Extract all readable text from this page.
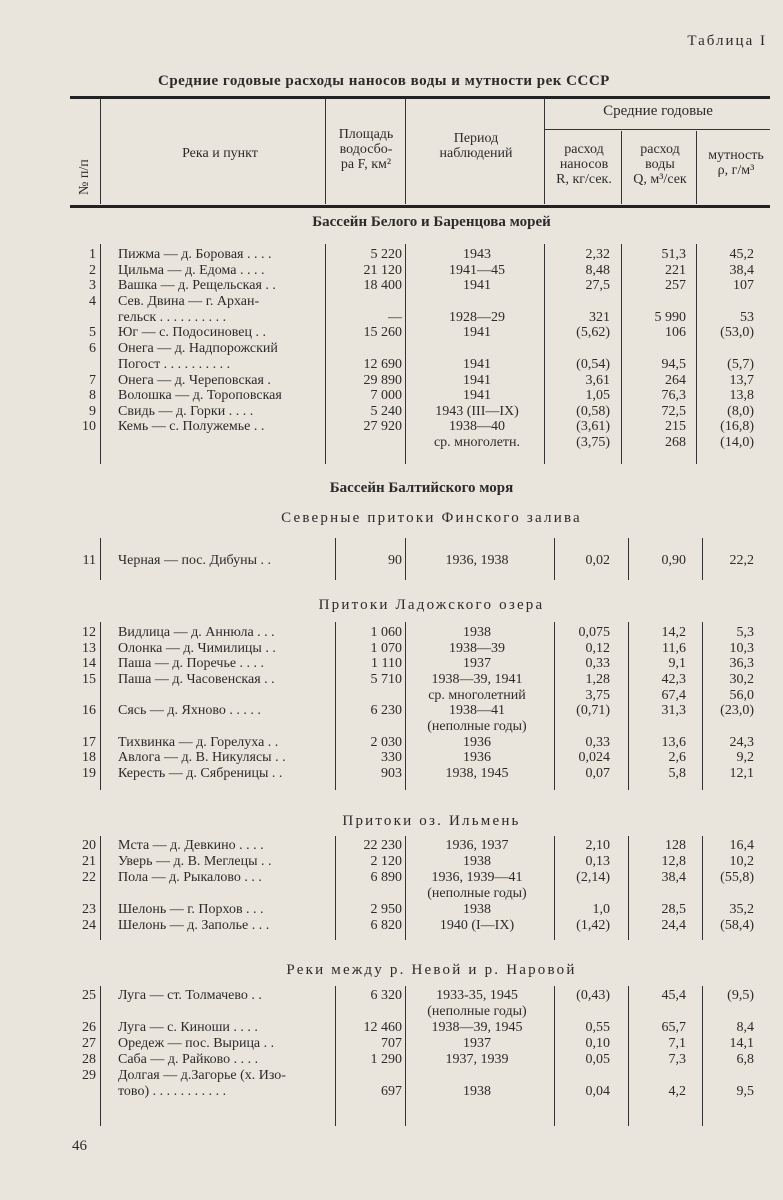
Таблица I
Средние годовые расходы наносов воды и мутности рек СССР
№ п/п
Река и пункт
Площадь
водосбо-
ра F, км²
Период
наблюдений
Средние годовые
расход
наносов
R, кг/сек.
расход
воды
Q, м³/сек
мутность
ρ, г/м³
Бассейн Белого и Баренцова морей
Бассейн Балтийского моря
Северные притоки Финского залива
Притоки Ладожского озера
Притоки оз. Ильмень
Реки между р. Невой и р. Наровой
1 Пижма — д. Боровая . . . .	5 220	1943	2,32	51,3	45,2
2 Цильма — д. Едома . . . .	21 120	1941—45	8,48	221	38,4
3 Вашка — д. Рещельская . .	18 400	1941	27,5	257	107
4 Сев. Двина — г. Архан-
гельск . . . . . . . . . .	—	1928—29	321	5 990	53
5 Юг — с. Подосиновец . .	15 260	1941	(5,62)	106	(53,0)
6 Онега — д. Надпорожский
Погост . . . . . . . . . .	12 690	1941	(0,54)	94,5	(5,7)
7 Онега — д. Череповская .	29 890	1941	3,61	264	13,7
8 Волошка — д. Тороповская	7 000	1941	1,05	76,3	13,8
9 Свидь — д. Горки . . . .	5 240	1943 (III—IX)	(0,58)	72,5	(8,0)
10 Кемь — с. Полужемье . .	27 920	1938—40	(3,61)	215	(16,8)
ср. многолетн.	(3,75)	268	(14,0)
11 Черная — пос. Дибуны . .	90	1936, 1938	0,02	0,90	22,2
12 Видлица — д. Аннюла . . .	1 060	1938	0,075	14,2	5,3
13 Олонка — д. Чимилицы . .	1 070	1938—39	0,12	11,6	10,3
14 Паша — д. Поречье . . . .	1 110	1937	0,33	9,1	36,3
15 Паша — д. Часовенская . .	5 710	1938—39, 1941	1,28	42,3	30,2
ср. многолетний	3,75	67,4	56,0
16 Сясь — д. Яхново . . . . .	6 230	1938—41	(0,71)	31,3	(23,0)
(неполные годы)
17 Тихвинка — д. Горелуха . .	2 030	1936	0,33	13,6	24,3
18 Авлога — д. В. Никулясы . .	330	1936	0,024	2,6	9,2
19 Кересть — д. Сябреницы . .	903	1938, 1945	0,07	5,8	12,1
20 Мста — д. Девкино . . . .	22 230	1936, 1937	2,10	128	16,4
21 Уверь — д. В. Меглецы . .	2 120	1938	0,13	12,8	10,2
22 Пола — д. Рыкалово . . .	6 890	1936, 1939—41	(2,14)	38,4	(55,8)
(неполные годы)
23 Шелонь — г. Порхов . . .	2 950	1938	1,0	28,5	35,2
24 Шелонь — д. Заполье . . .	6 820	1940 (I—IX)	(1,42)	24,4	(58,4)
25 Луга — ст. Толмачево . .	6 320	1933-35, 1945	(0,43)	45,4	(9,5)
(неполные годы)
26 Луга — с. Киноши . . . .	12 460	1938—39, 1945	0,55	65,7	8,4
27 Оредеж — пос. Вырица . .	707	1937	0,10	7,1	14,1
28 Саба — д. Райково . . . .	1 290	1937, 1939	0,05	7,3	6,8
29 Долгая — д.Загорье (х. Изо-
тово) . . . . . . . . . . .	697	1938	0,04	4,2	9,5
46
